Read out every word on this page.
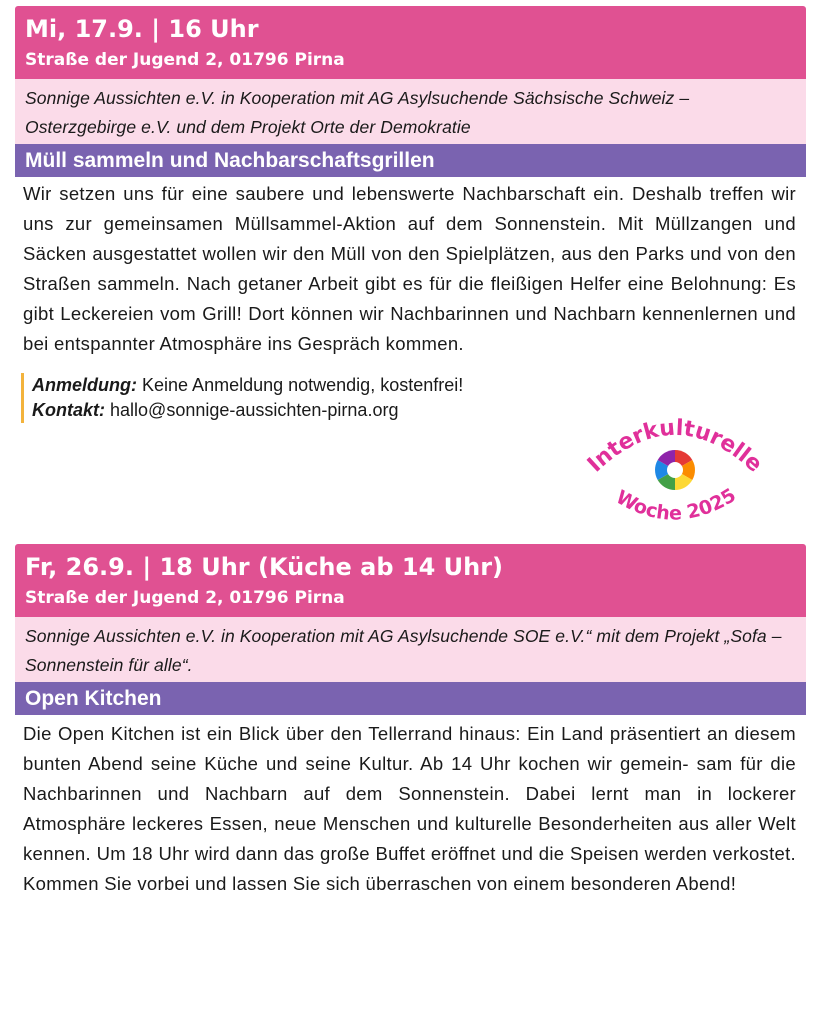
Mi, 17.9. | 16 Uhr
Straße der Jugend 2, 01796 Pirna
Sonnige Aussichten e.V. in Kooperation mit AG Asylsuchende Sächsische Schweiz – Osterzgebirge e.V. und dem Projekt Orte der Demokratie
Müll sammeln und Nachbarschaftsgrillen
Wir setzen uns für eine saubere und lebenswerte Nachbarschaft ein. Deshalb treffen wir uns zur gemeinsamen Müllsammel-Aktion auf dem Sonnenstein. Mit Müllzangen und Säcken ausgestattet wollen wir den Müll von den Spielplätzen, aus den Parks und von den Straßen sammeln. Nach getaner Arbeit gibt es für die fleißigen Helfer eine Belohnung: Es gibt Leckereien vom Grill! Dort können wir Nachbarinnen und Nachbarn kennenlernen und bei entspannter Atmosphäre ins Gespräch kommen.
Anmeldung: Keine Anmeldung notwendig, kostenfrei!
Kontakt: hallo@sonnige-aussichten-pirna.org
Interkulturelle
Woche 2025
Fr, 26.9. | 18 Uhr (Küche ab 14 Uhr)
Straße der Jugend 2, 01796 Pirna
Sonnige Aussichten e.V. in Kooperation mit AG Asylsuchende SOE e.V.“ mit dem Projekt „Sofa – Sonnenstein für alle“.
Open Kitchen
Die Open Kitchen ist ein Blick über den Tellerrand hinaus: Ein Land präsentiert an diesem bunten Abend seine Küche und seine Kultur. Ab 14 Uhr kochen wir gemein- sam für die Nachbarinnen und Nachbarn auf dem Sonnenstein. Dabei lernt man in lockerer Atmosphäre leckeres Essen, neue Menschen und kulturelle Besonderheiten aus aller Welt kennen. Um 18 Uhr wird dann das große Buffet eröffnet und die Speisen werden verkostet. Kommen Sie vorbei und lassen Sie sich überraschen von einem besonderen Abend!
